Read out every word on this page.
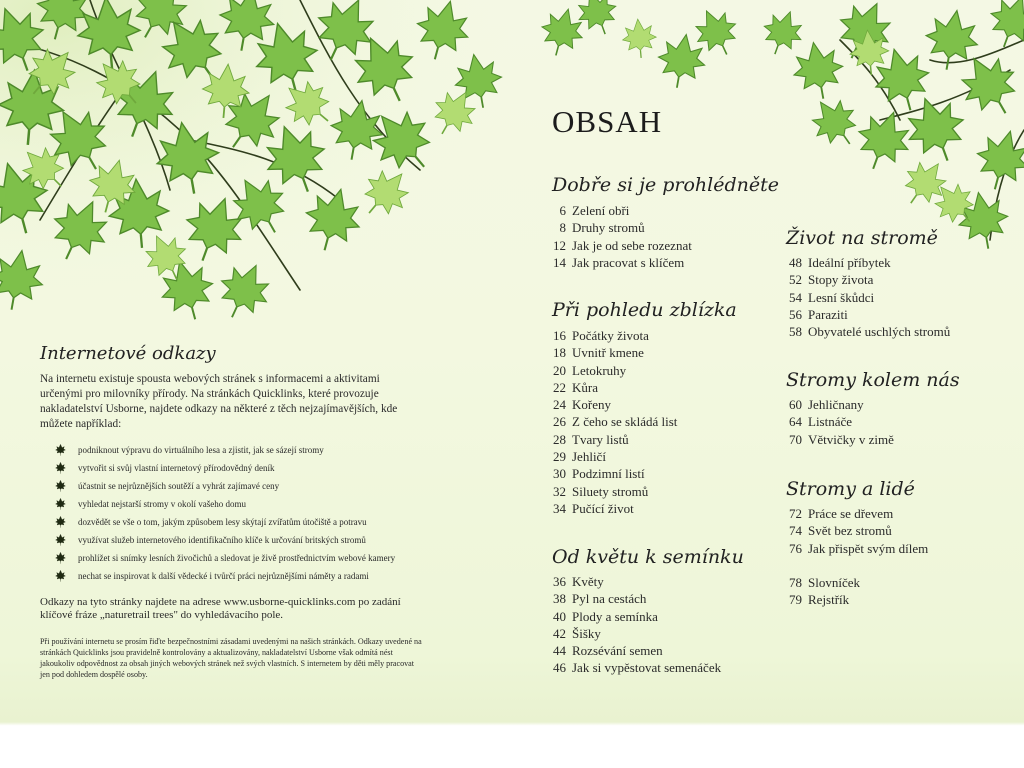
OBSAH
Dobře si je prohlédněte
6 Zelení obři
8 Druhy stromů
12 Jak je od sebe rozeznat
14 Jak pracovat s klíčem
Při pohledu zblízka
16 Počátky života
18 Uvnitř kmene
20 Letokruhy
22 Kůra
24 Kořeny
26 Z čeho se skládá list
28 Tvary listů
29 Jehličí
30 Podzimní listí
32 Siluety stromů
34 Pučící život
Od květu k semínku
36 Květy
38 Pyl na cestách
40 Plody a semínka
42 Šišky
44 Rozsévání semen
46 Jak si vypěstovat semenáček
Život na stromě
48 Ideální příbytek
52 Stopy života
54 Lesní škůdci
56 Paraziti
58 Obyvatelé uschlých stromů
Stromy kolem nás
60 Jehličnany
64 Listnáče
70 Větvičky v zimě
Stromy a lidé
72 Práce se dřevem
74 Svět bez stromů
76 Jak přispět svým dílem
78 Slovníček
79 Rejstřík
Internetové odkazy

Na internetu existuje spousta webových stránek s informacemi a aktivitami určenými pro milovníky přírody. Na stránkách Quicklinks, které provozuje nakladatelství Usborne, najdete odkazy na některé z těch nejzajímavějších, kde můžete například:

podniknout výpravu do virtuálního lesa a zjistit, jak se sázejí stromy
vytvořit si svůj vlastní internetový přírodovědný deník
účastnit se nejrůznějších soutěží a vyhrát zajímavé ceny
vyhledat nejstarší stromy v okolí vašeho domu
dozvědět se vše o tom, jakým způsobem lesy skýtají zvířatům útočiště a potravu
využívat služeb internetového identifikačního klíče k určování britských stromů
prohlížet si snímky lesních živočichů a sledovat je živě prostřednictvím webové kamery
nechat se inspirovat k další vědecké i tvůrčí práci nejrůznějšími náměty a radami

Odkazy na tyto stránky najdete na adrese www.usborne-quicklinks.com po zadání klíčové fráze „naturetrail trees" do vyhledávacího pole.

Při používání internetu se prosím řiďte bezpečnostními zásadami uvedenými na našich stránkách. Odkazy uvedené na stránkách Quicklinks jsou pravidelně kontrolovány a aktualizovány, nakladatelství Usborne však odmítá nést jakoukoliv odpovědnost za obsah jiných webových stránek než svých vlastních. S internetem by děti měly pracovat jen pod dohledem dospělé osoby.
